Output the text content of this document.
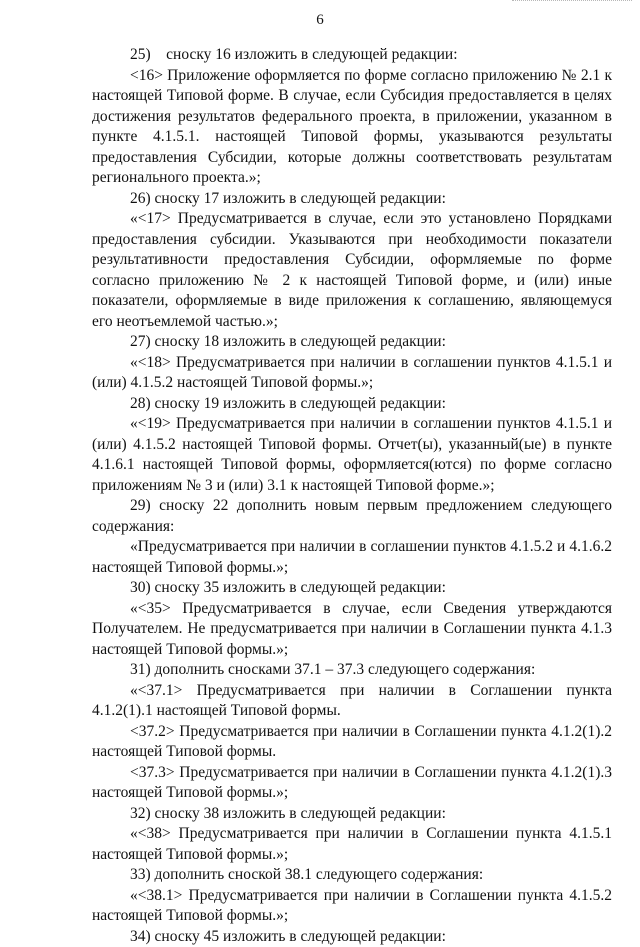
6

25)    сноску 16 изложить в следующей редакции:

<16> Приложение оформляется по форме согласно приложению № 2.1 к настоящей Типовой форме. В случае, если Субсидия предоставляется в целях достижения результатов федерального проекта, в приложении, указанном в пункте 4.1.5.1. настоящей Типовой формы, указываются результаты предоставления Субсидии, которые должны соответствовать результатам регионального проекта.»;

26) сноску 17 изложить в следующей редакции:

«<17> Предусматривается в случае, если это установлено Порядками предоставления субсидии. Указываются при необходимости показатели результативности предоставления Субсидии, оформляемые по форме согласно приложению № 2 к настоящей Типовой форме, и (или) иные показатели, оформляемые в виде приложения к соглашению, являющемуся его неотъемлемой частью.»;

27) сноску 18 изложить в следующей редакции:

«<18> Предусматривается при наличии в соглашении пунктов 4.1.5.1 и (или) 4.1.5.2 настоящей Типовой формы.»;

28) сноску 19 изложить в следующей редакции:

«<19> Предусматривается при наличии в соглашении пунктов 4.1.5.1 и (или) 4.1.5.2 настоящей Типовой формы. Отчет(ы), указанный(ые) в пункте 4.1.6.1 настоящей Типовой формы, оформляется(ются) по форме согласно приложениям № 3 и (или) 3.1 к настоящей Типовой форме.»;

29) сноску 22 дополнить новым первым предложением следующего содержания:

«Предусматривается при наличии в соглашении пунктов 4.1.5.2 и 4.1.6.2 настоящей Типовой формы.»;

30) сноску 35 изложить в следующей редакции:

«<35> Предусматривается в случае, если Сведения утверждаются Получателем. Не предусматривается при наличии в Соглашении пункта 4.1.3 настоящей Типовой формы.»;

31) дополнить сносками 37.1 – 37.3 следующего содержания:

«<37.1> Предусматривается при наличии в Соглашении пункта 4.1.2(1).1 настоящей Типовой формы.

<37.2> Предусматривается при наличии в Соглашении пункта 4.1.2(1).2 настоящей Типовой формы.

<37.3> Предусматривается при наличии в Соглашении пункта 4.1.2(1).3 настоящей Типовой формы.»;

32) сноску 38 изложить в следующей редакции:

«<38> Предусматривается при наличии в Соглашении пункта 4.1.5.1 настоящей Типовой формы.»;

33) дополнить сноской 38.1 следующего содержания:

«<38.1> Предусматривается при наличии в Соглашении пункта 4.1.5.2 настоящей Типовой формы.»;

34) сноску 45 изложить в следующей редакции:
